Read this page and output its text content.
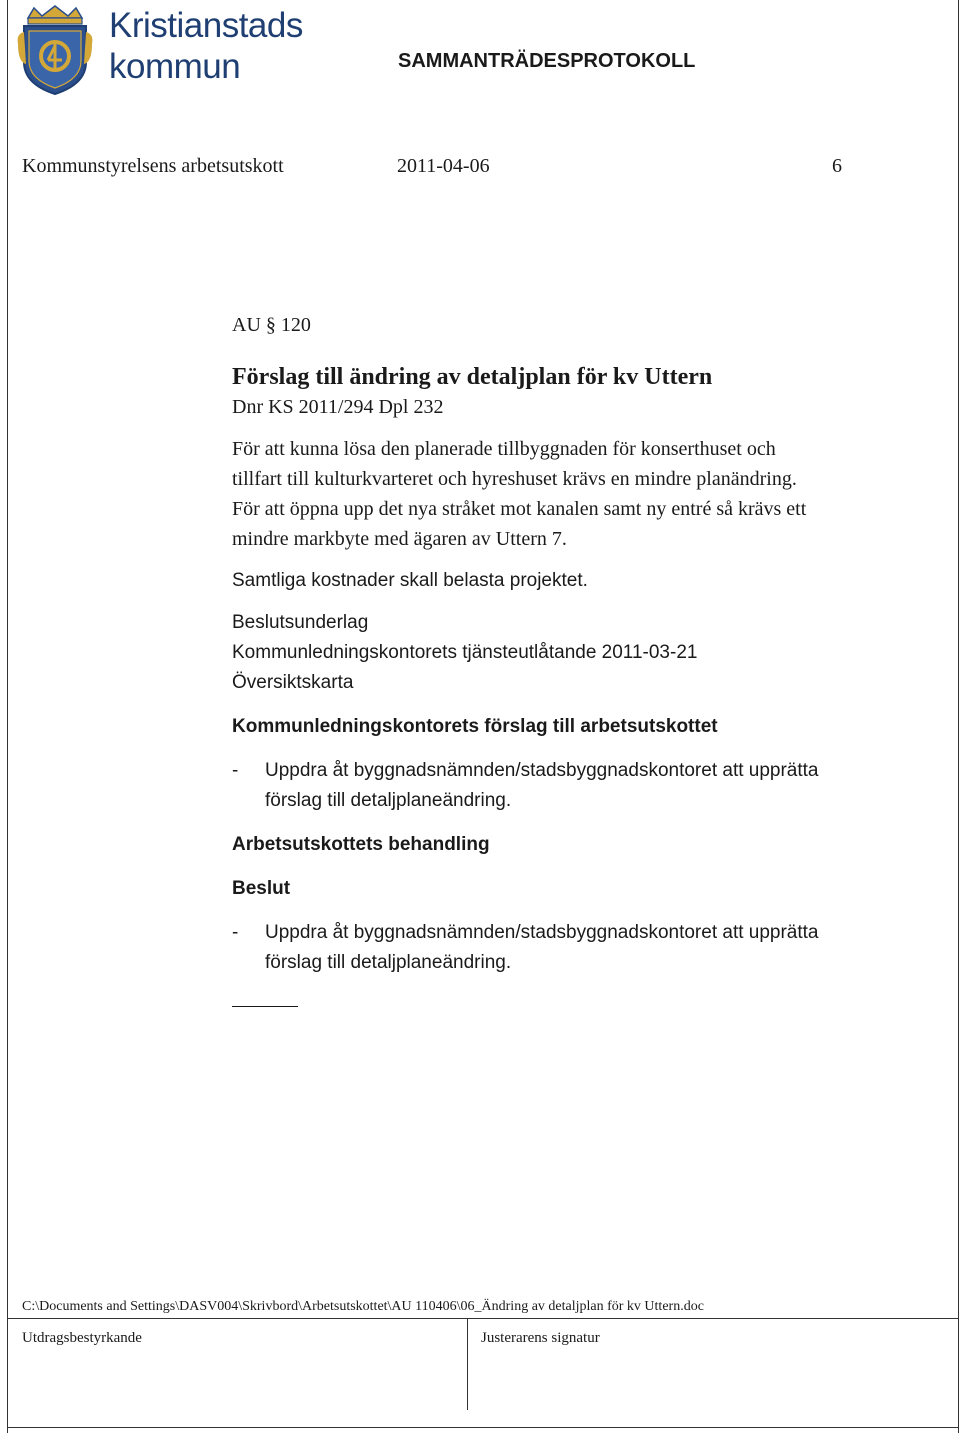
Kristianstads
kommun	SAMMANTRÄDESPROTOKOLL
Kommunstyrelsens arbetsutskott	2011-04-06	6

AU § 120

Förslag till ändring av detaljplan för kv Uttern

Dnr KS 2011/294 Dpl 232

För att kunna lösa den planerade tillbyggnaden för konserthuset och

tillfart till kulturkvarteret och hyreshuset krävs en mindre planändring.

För att öppna upp det nya stråket mot kanalen samt ny entré så krävs ett

mindre markbyte med ägaren av Uttern 7.

Samtliga kostnader skall belasta projektet.

Beslutsunderlag

Kommunledningskontorets tjänsteutlåtande 2011-03-21

Översiktskarta

Kommunledningskontorets förslag till arbetsutskottet

- Uppdra åt byggnadsnämnden/stadsbyggnadskontoret att upprätta

förslag till detaljplaneändring.

Arbetsutskottets behandling

Beslut

- Uppdra åt byggnadsnämnden/stadsbyggnadskontoret att upprätta

förslag till detaljplaneändring.

C:\Documents and Settings\DASV004\Skrivbord\Arbetsutskottet\AU 110406\06_Ändring av detaljplan för kv Uttern.doc
Utdragsbestyrkande	Justerarens signatur
